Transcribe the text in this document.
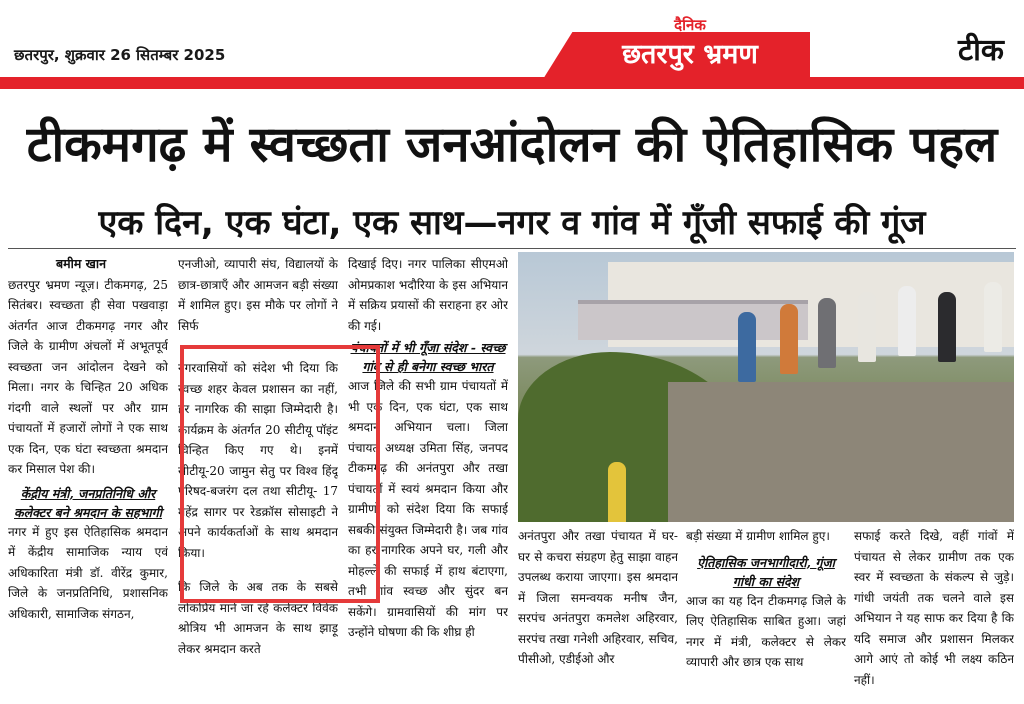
छतरपुर, शुक्रवार 26 सितम्बर 2025
दैनिक
छतरपुर भ्रमण	टीक
टीकमगढ़ में स्वच्छता जनआंदोलन की ऐतिहासिक पहल
एक दिन, एक घंटा, एक साथ—नगर व गांव में गूँजी सफाई की गूंज
बमीम खान
छतरपुर भ्रमण न्यूज़। टीकमगढ़, 25 सितंबर। स्वच्छता ही सेवा पखवाड़ा अंतर्गत आज टीकमगढ़ नगर और जिले के ग्रामीण अंचलों में अभूतपूर्व स्वच्छता जन आंदोलन देखने को मिला। नगर के चिन्हित 20 अधिक गंदगी वाले स्थलों पर और ग्राम पंचायतों में हजारों लोगों ने एक साथ एक दिन, एक घंटा स्वच्छता श्रमदान कर मिसाल पेश की।
केंद्रीय मंत्री, जनप्रतिनिधि और कलेक्टर बने श्रमदान के सहभागी
नगर में हुए इस ऐतिहासिक श्रमदान में केंद्रीय सामाजिक न्याय एवं अधिकारिता मंत्री डॉ. वीरेंद्र कुमार, जिले के जनप्रतिनिधि, प्रशासनिक अधिकारी, सामाजिक संगठन,
एनजीओ, व्यापारी संघ, विद्यालयों के छात्र-छात्राएँ और आमजन बड़ी संख्या में शामिल हुए। इस मौके पर लोगों ने सिर्फ
नगरवासियों को संदेश भी दिया कि स्वच्छ शहर केवल प्रशासन का नहीं, हर नागरिक की साझा जिम्मेदारी है। कार्यक्रम के अंतर्गत 20 सीटीयू पॉइंट चिन्हित किए गए थे। इनमें सीटीयू-20 जामुन सेतु पर विश्व हिंदू परिषद-बजरंग दल तथा सीटीयू- 17 महेंद्र सागर पर रेडक्रॉस सोसाइटी ने अपने कार्यकर्ताओं के साथ श्रमदान किया।
कि जिले के अब तक के सबसे लोकप्रिय माने जा रहे कलेक्टर विवेक श्रोत्रिय भी आमजन के साथ झाड़ू लेकर श्रमदान करते
दिखाई दिए। नगर पालिका सीएमओ ओमप्रकाश भदौरिया के इस अभियान में सक्रिय प्रयासों की सराहना हर ओर की गई।
पंचायतों में भी गूँजा संदेश - स्वच्छ गांव से ही बनेगा स्वच्छ भारत
आज जिले की सभी ग्राम पंचायतों में भी एक दिन, एक घंटा, एक साथ श्रमदान अभियान चला। जिला पंचायत अध्यक्ष उमिता सिंह, जनपद टीकमगढ़ की अनंतपुरा और तखा पंचायतों में स्वयं श्रमदान किया और ग्रामीणों को संदेश दिया कि सफाई सबकी संयुक्त जिम्मेदारी है। जब गांव का हर नागरिक अपने घर, गली और मोहल्ले की सफाई में हाथ बंटाएगा, तभी गांव स्वच्छ और सुंदर बन सकेंगे। ग्रामवासियों की मांग पर उन्होंने घोषणा की कि शीघ्र ही
अनंतपुरा और तखा पंचायत में घर-घर से कचरा संग्रहण हेतु साझा वाहन उपलब्ध कराया जाएगा। इस श्रमदान में जिला समन्वयक मनीष जैन, सरपंच अनंतपुरा कमलेश अहिरवार, सरपंच तखा गनेशी अहिरवार, सचिव, पीसीओ, एडीईओ और
बड़ी संख्या में ग्रामीण शामिल हुए।
ऐतिहासिक जनभागीदारी, गूंजा गांधी का संदेश
आज का यह दिन टीकमगढ़ जिले के लिए ऐतिहासिक साबित हुआ। जहां नगर में मंत्री, कलेक्टर से लेकर व्यापारी और छात्र एक साथ
सफाई करते दिखे, वहीं गांवों में पंचायत से लेकर ग्रामीण तक एक स्वर में स्वच्छता के संकल्प से जुड़े। गांधी जयंती तक चलने वाले इस अभियान ने यह साफ कर दिया है कि यदि समाज और प्रशासन मिलकर आगे आएं तो कोई भी लक्ष्य कठिन नहीं।
